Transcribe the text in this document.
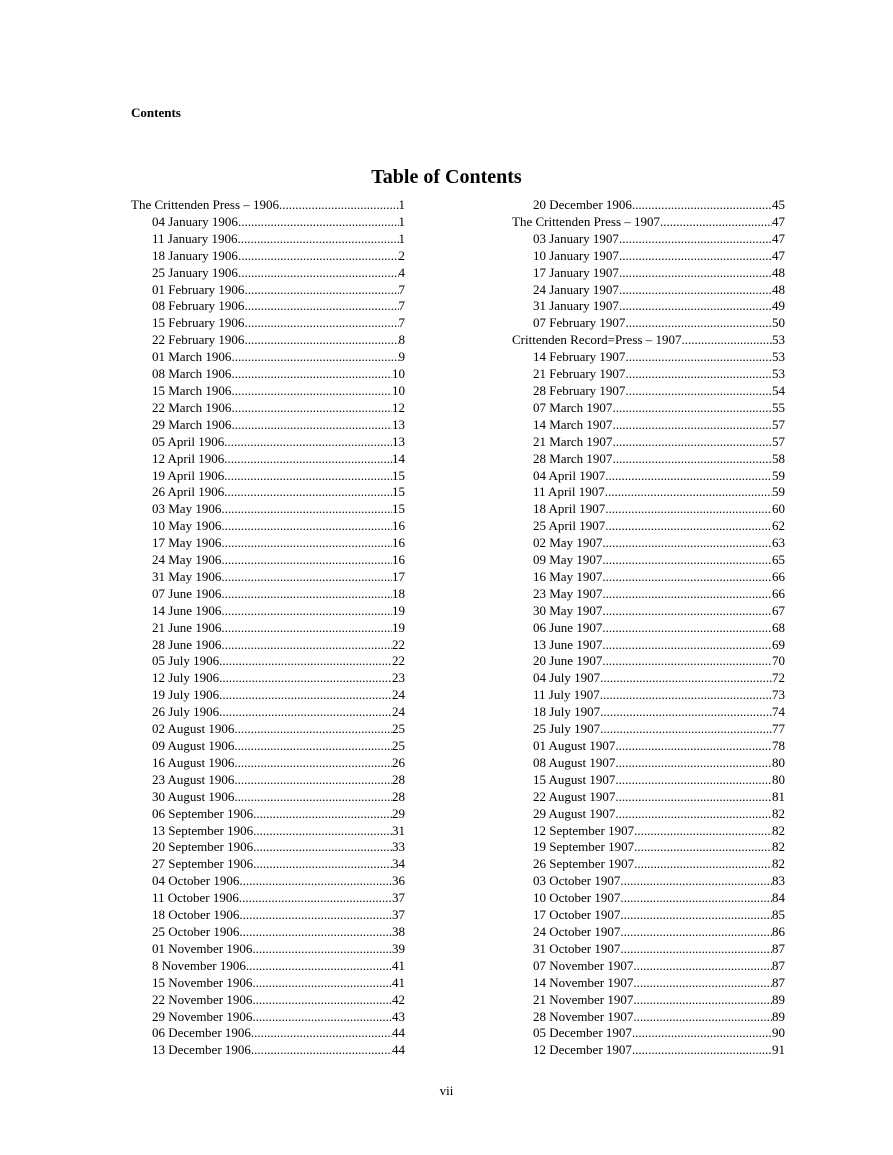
Contents
Table of Contents
The Crittenden Press – 1906 .....	1
04 January 1906 .....	1
11 January 1906 .....	1
18 January 1906 .....	2
25 January 1906 .....	4
01 February 1906 .....	7
08 February 1906 .....	7
15 February 1906 .....	7
22 February 1906 .....	8
01 March 1906 .....	9
08 March 1906 .....	10
15 March 1906 .....	10
22 March 1906 .....	12
29 March 1906 .....	13
05 April 1906 .....	13
12 April 1906 .....	14
19 April 1906 .....	15
26 April 1906 .....	15
03 May 1906 .....	15
10 May 1906 .....	16
17 May 1906 .....	16
24 May 1906 .....	16
31 May 1906 .....	17
07 June 1906 .....	18
14 June 1906 .....	19
21 June 1906 .....	19
28 June 1906 .....	22
05 July 1906 .....	22
12 July 1906 .....	23
19 July 1906 .....	24
26 July 1906 .....	24
02 August 1906 .....	25
09 August 1906 .....	25
16 August 1906 .....	26
23 August 1906 .....	28
30 August 1906 .....	28
06 September 1906 .....	29
13 September 1906 .....	31
20 September 1906 .....	33
27 September 1906 .....	34
04 October 1906 .....	36
11 October 1906 .....	37
18 October 1906 .....	37
25 October 1906 .....	38
01 November 1906 .....	39
8 November 1906 .....	41
15 November 1906 .....	41
22 November 1906 .....	42
29 November 1906 .....	43
06 December 1906 .....	44
13 December 1906 .....	44
20 December 1906 .....	45
The Crittenden Press – 1907 .....	47
03 January 1907 .....	47
10 January 1907 .....	47
17 January 1907 .....	48
24 January 1907 .....	48
31 January 1907 .....	49
07 February 1907 .....	50
Crittenden Record=Press – 1907 .....	53
14 February 1907 .....	53
21 February 1907 .....	53
28 February 1907 .....	54
07 March 1907 .....	55
14 March 1907 .....	57
21 March 1907 .....	57
28 March 1907 .....	58
04 April 1907 .....	59
11 April 1907 .....	59
18 April 1907 .....	60
25 April 1907 .....	62
02 May 1907 .....	63
09 May 1907 .....	65
16 May 1907 .....	66
23 May 1907 .....	66
30 May 1907 .....	67
06 June 1907 .....	68
13 June 1907 .....	69
20 June 1907 .....	70
04 July 1907 .....	72
11 July 1907 .....	73
18 July 1907 .....	74
25 July 1907 .....	77
01 August 1907 .....	78
08 August 1907 .....	80
15 August 1907 .....	80
22 August 1907 .....	81
29 August 1907 .....	82
12 September 1907 .....	82
19 September 1907 .....	82
26 September 1907 .....	82
03 October 1907 .....	83
10 October 1907 .....	84
17 October 1907 .....	85
24 October 1907 .....	86
31 October 1907 .....	87
07 November 1907 .....	87
14 November 1907 .....	87
21 November 1907 .....	89
28 November 1907 .....	89
05 December 1907 .....	90
12 December 1907 .....	91
vii
